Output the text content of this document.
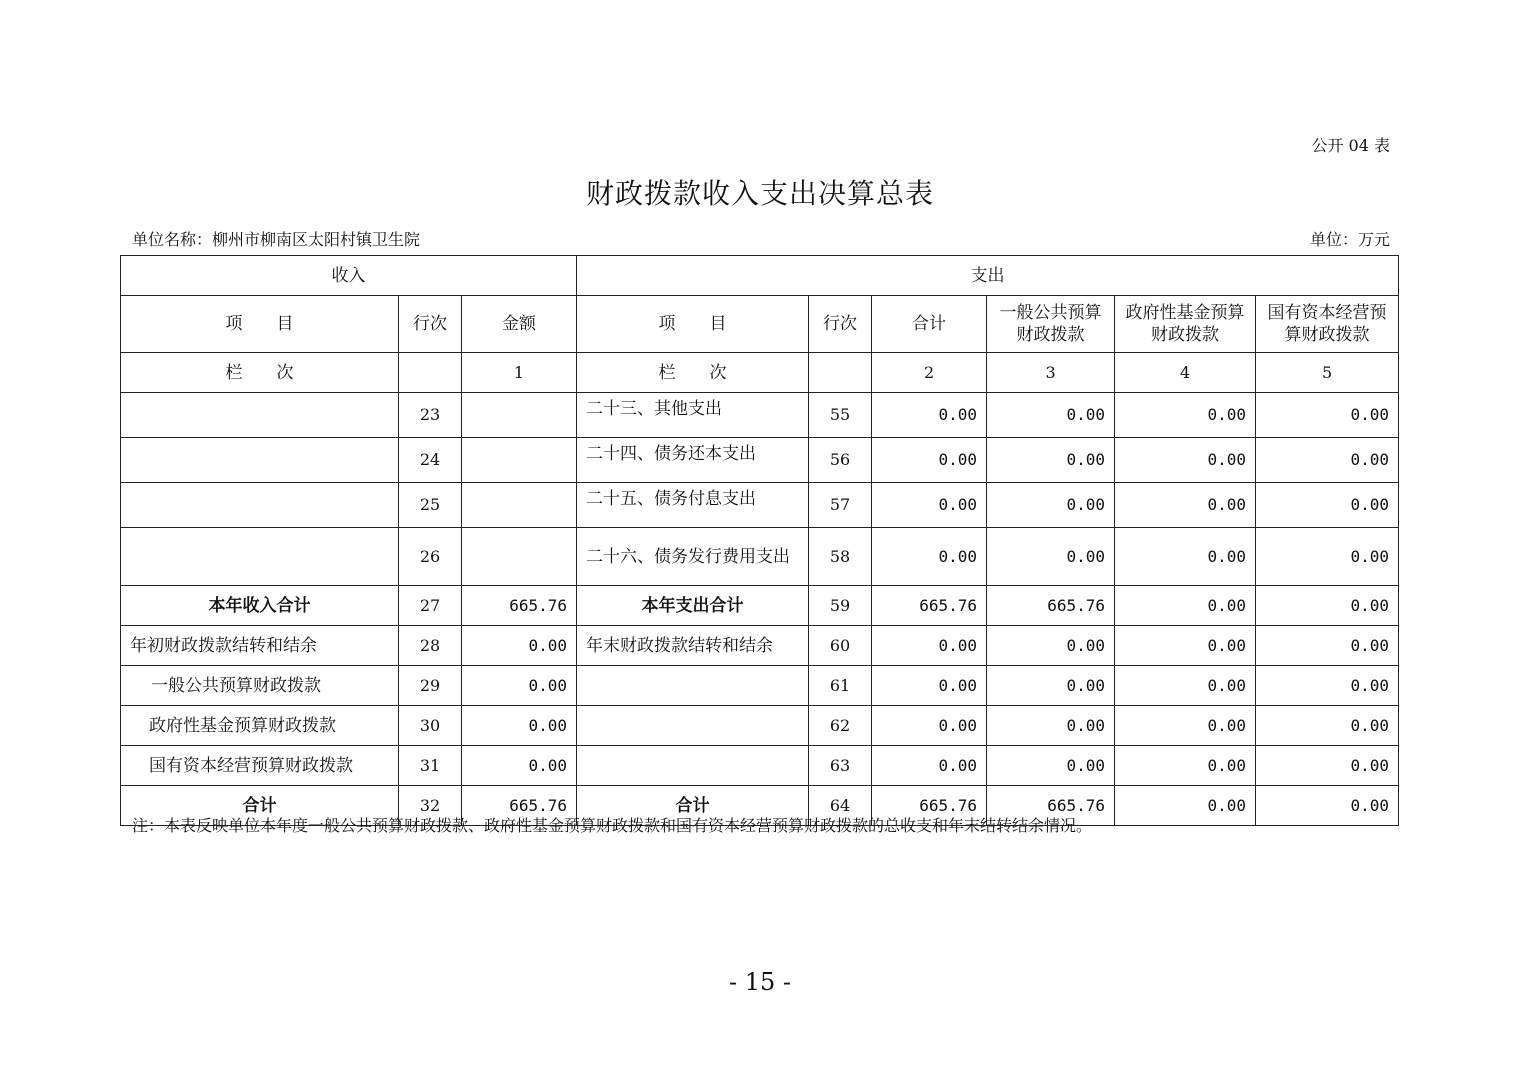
公开 04 表
财政拨款收入支出决算总表
单位名称：柳州市柳南区太阳村镇卫生院	单位：万元
收入			支出					
项　　目	行次	金额	项　　目	行次	合计	一般公共预算财政拨款	政府性基金预算财政拨款	国有资本经营预算财政拨款
栏　　次		1	栏　　次		2	3	4	5
	23		二十三、其他支出	55	0.00	0.00	0.00	0.00
	24		二十四、债务还本支出	56	0.00	0.00	0.00	0.00
	25		二十五、债务付息支出	57	0.00	0.00	0.00	0.00
	26		二十六、债务发行费用支出	58	0.00	0.00	0.00	0.00
本年收入合计	27	665.76	本年支出合计	59	665.76	665.76	0.00	0.00
年初财政拨款结转和结余	28	0.00	年末财政拨款结转和结余	60	0.00	0.00	0.00	0.00
一般公共预算财政拨款	29	0.00		61	0.00	0.00	0.00	0.00
政府性基金预算财政拨款	30	0.00		62	0.00	0.00	0.00	0.00
国有资本经营预算财政拨款	31	0.00		63	0.00	0.00	0.00	0.00
合计	32	665.76	合计	64	665.76	665.76	0.00	0.00
注：本表反映单位本年度一般公共预算财政拨款、政府性基金预算财政拨款和国有资本经营预算财政拨款的总收支和年末结转结余情况。
- 15 -
